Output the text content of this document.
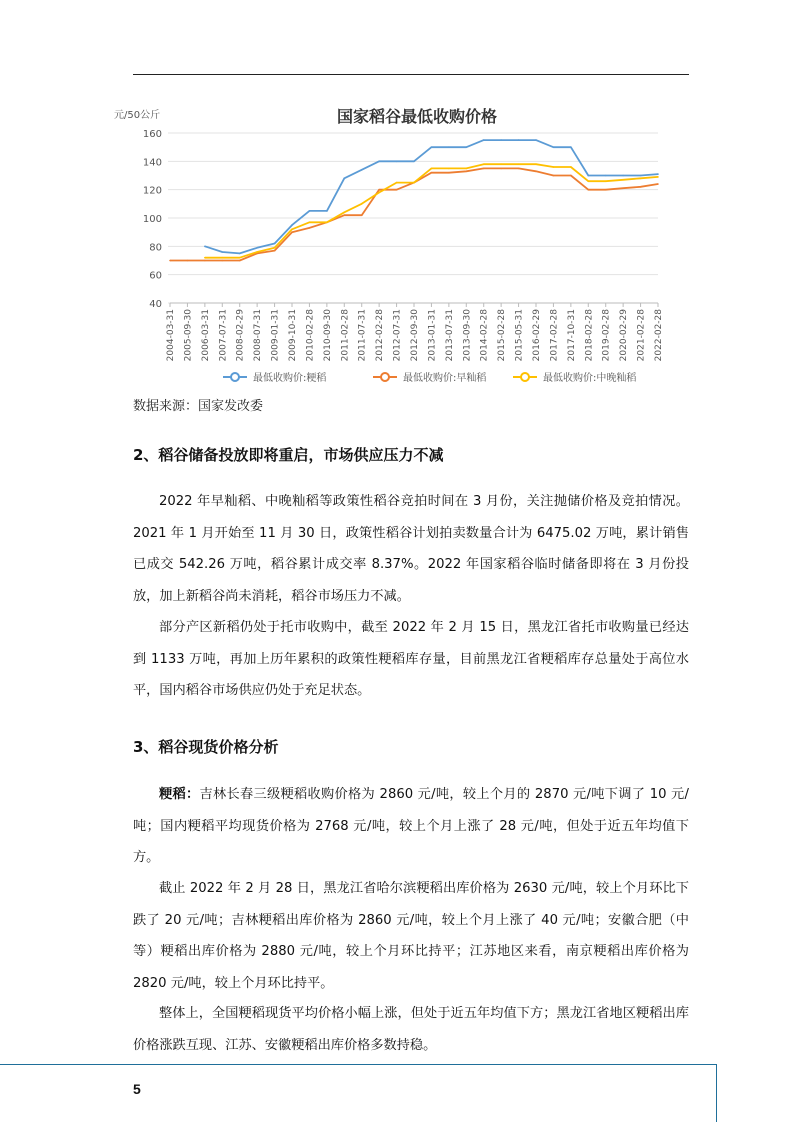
元/50公斤	国家稻谷最低收购价格
40
60
80
100
120
140
160
2004-03-31 2005-09-30 2006-03-31 2007-07-31 2008-02-29 2008-07-31 2009-01-31 2009-10-31 2010-02-28 2010-09-30 2011-02-28 2011-07-31 2012-02-28 2012-07-31 2012-09-30 2013-01-31 2013-07-31 2013-09-30 2014-02-28 2015-02-28 2015-05-31 2016-02-29 2017-02-28 2017-10-31 2018-02-28 2019-02-28 2020-02-29 2021-02-28 2022-02-28
最低收购价:粳稻	最低收购价:早籼稻	最低收购价:中晚籼稻
数据来源：国家发改委
2、稻谷储备投放即将重启，市场供应压力不减

2022 年早籼稻、中晚籼稻等政策性稻谷竞拍时间在 3 月份，关注抛储价格及竞拍情况。2021 年 1 月开始至 11 月 30 日，政策性稻谷计划拍卖数量合计为 6475.02 万吨，累计销售已成交 542.26 万吨，稻谷累计成交率 8.37%。2022 年国家稻谷临时储备即将在 3 月份投放，加上新稻谷尚未消耗，稻谷市场压力不减。

部分产区新稻仍处于托市收购中，截至 2022 年 2 月 15 日，黑龙江省托市收购量已经达到 1133 万吨，再加上历年累积的政策性粳稻库存量，目前黑龙江省粳稻库存总量处于高位水平，国内稻谷市场供应仍处于充足状态。

3、稻谷现货价格分析

粳稻：吉林长春三级粳稻收购价格为 2860 元/吨，较上个月的 2870 元/吨下调了 10 元/吨；国内粳稻平均现货价格为 2768 元/吨，较上个月上涨了 28 元/吨，但处于近五年均值下方。

截止 2022 年 2 月 28 日，黑龙江省哈尔滨粳稻出库价格为 2630 元/吨，较上个月环比下跌了 20 元/吨；吉林粳稻出库价格为 2860 元/吨，较上个月上涨了 40 元/吨；安徽合肥（中等）粳稻出库价格为 2880 元/吨，较上个月环比持平；江苏地区来看，南京粳稻出库价格为 2820 元/吨，较上个月环比持平。

整体上，全国粳稻现货平均价格小幅上涨，但处于近五年均值下方；黑龙江省地区粳稻出库价格涨跌互现、江苏、安徽粳稻出库价格多数持稳。

5
